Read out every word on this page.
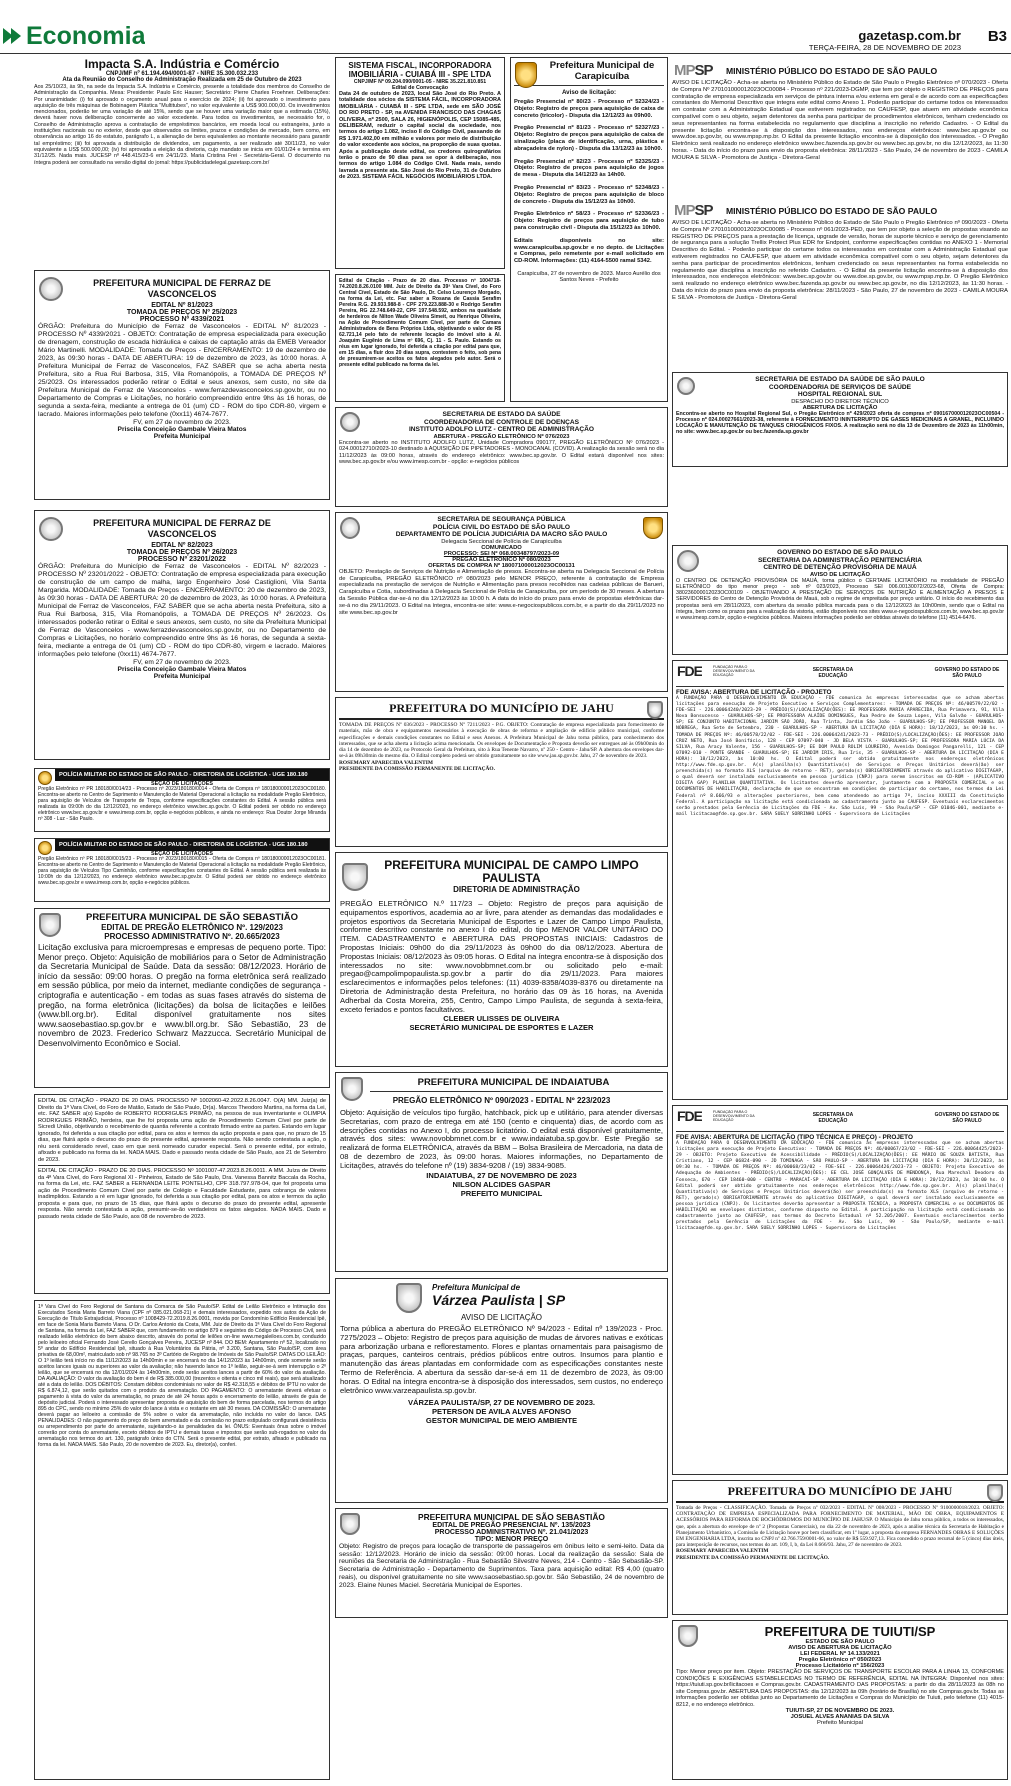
Economia	gazetasp.com.br B3
TERÇA-FEIRA, 28 DE NOVEMBRO DE 2023
Impacta S.A. Indústria e Comércio
CNPJ/MF nº 61.194.494/0001-87 - NIRE 35.300.032.233
Ata da Reunião do Conselho de Administração Realizada em 25 de Outubro de 2023
Aos 25/10/23, às 9h, na sede da Impacta S.A. Indústria e Comércio, presente a totalidade dos membros do Conselho de Administração da Companhia. Mesa: Presidente: Paulo Eric Hauser; Secretário: Pierre Charles Froehner. Deliberações: Por unanimidade: (i) foi aprovado o orçamento anual para o exercício de 2024; (ii) foi aprovado o investimento para aquisição de três máquinas de Bobinagem Plástica "Multitubes", no valor equivalente a US$ 900.000,00. Os investimentos mencionados, poderão ter uma variação de até 15%, sendo que se houver uma variação maior que a estimada (15%), deverá haver nova deliberação concernente ao valor excedente. Para todos os investimentos, se necessário for, o Conselho de Administração aprova a contratação de empréstimos bancários, em moeda local ou estrangeira, junto a instituições nacionais ou no exterior, desde que observados os limites, prazos e condições de mercado, bem como, em observância ao artigo 16 do estatuto, parágrafo L, a alienação de bens equivalentes ao montante necessário para garantir tal empréstimo; (iii) foi aprovada a distribuição de dividendos, um pagamento, a ser realizado até 30/11/23, no valor equivalente a US$ 500.000,00; (iv) foi aprovada a eleição da diretoria, cujo mandato se inicia em 01/01/24 e termina em 31/12/25. Nada mais. JUCESP nº 448.415/23-6 em 24/11/23. Maria Cristina Frei - Secretária-Geral. O documento na íntegra poderá ser consultado na versão digital do jornal: https://publicidadelegal.gazetasp.com.br/
PREFEITURA MUNICIPAL DE FERRAZ DE VASCONCELOS
EDITAL Nº 81/2023
TOMADA DE PREÇOS Nº 25/2023
PROCESSO Nº 4339/2021
ÓRGÃO: Prefeitura do Município de Ferraz de Vasconcelos - EDITAL Nº 81/2023 - PROCESSO Nº 4339/2021 - OBJETO: Contratação de empresa especializada para execução de drenagem, construção de escada hidráulica e caixas de captação atrás da EMEB Vereador Mário Martinelli. MODALIDADE: Tomada de Preços - ENCERRAMENTO: 19 de dezembro de 2023, às 09:30 horas - DATA DE ABERTURA: 19 de dezembro de 2023, às 10:00 horas. A Prefeitura Municipal de Ferraz de Vasconcelos, FAZ SABER que se acha aberta nesta Prefeitura, sito a Rua Rui Barbosa, 315, Vila Romanópolis, a TOMADA DE PREÇOS Nº 25/2023. Os interessados poderão retirar o Edital e seus anexos, sem custo, no site da Prefeitura Municipal de Ferraz de Vasconcelos - www.ferrazdevasconcelos.sp.gov.br, ou no Departamento de Compras e Licitações, no horário compreendido entre 9hs às 16 horas, de segunda a sexta-feira, mediante a entrega de 01 (um) CD - ROM do tipo CDR-80, virgem e lacrado. Maiores informações pelo telefone (0xx11) 4674-7677.
FV, em 27 de novembro de 2023.
Priscila Conceição Gambale Vieira Matos
Prefeita Municipal
PREFEITURA MUNICIPAL DE FERRAZ DE VASCONCELOS
EDITAL Nº 82/2023
TOMADA DE PREÇOS Nº 26/2023
PROCESSO Nº 23201/2022
ÓRGÃO: Prefeitura do Município de Ferraz de Vasconcelos - EDITAL Nº 82/2023 - PROCESSO Nº 23201/2022 - OBJETO: Contratação de empresa especializada para execução de construção de um campo de malha, largo Engenheiro José Castiglioni, Vila Santa Margarida. MODALIDADE: Tomada de Preços - ENCERRAMENTO: 20 de dezembro de 2023, às 09:30 horas - DATA DE ABERTURA: 20 de dezembro de 2023, às 10:00 horas. A Prefeitura Municipal de Ferraz de Vasconcelos, FAZ SABER que se acha aberta nesta Prefeitura, sito a Rua Rui Barbosa, 315, Vila Romanópolis, a TOMADA DE PREÇOS Nº 26/2023. Os interessados poderão retirar o Edital e seus anexos, sem custo, no site da Prefeitura Municipal de Ferraz de Vasconcelos - www.ferrazdevasconcelos.sp.gov.br, ou no Departamento de Compras e Licitações, no horário compreendido entre 9hs às 16 horas, de segunda a sexta-feira, mediante a entrega de 01 (um) CD - ROM do tipo CDR-80, virgem e lacrado. Maiores informações pelo telefone (0xx11) 4674-7677.
FV, em 27 de novembro de 2023.
Priscila Conceição Gambale Vieira Matos
Prefeita Municipal
POLÍCIA MILITAR DO ESTADO DE SÃO PAULO - DIRETORIA DE LOGÍSTICA - UGE 180.180
SEÇÃO DE LICITAÇÕES
Pregão Eletrônico nº PR 180180/0014/23 - Processo nº 2023/180180/0014 - Oferta de Compra nº 180180000012023OC00180. Encontra-se aberto no Centro de Suprimento e Manutenção de Material Operacional a licitação na modalidade Pregão Eletrônico, para aquisição de Veículos de Transporte de Tropa, conforme especificações constantes do Edital. A sessão pública será realizada às 09:00h do dia 12/12/2023, no endereço eletrônico www.bec.sp.gov.br. O Edital poderá ser obtido no endereço eletrônico www.bec.sp.gov.br e www.imesp.com.br, opção e-negócios públicos, e ainda no endereço: Rua Doutor Jorge Miranda nº 308 - Luz - São Paulo.
POLÍCIA MILITAR DO ESTADO DE SÃO PAULO - DIRETORIA DE LOGÍSTICA - UGE 180.180
SEÇÃO DE LICITAÇÕES
Pregão Eletrônico nº PR 180180/0015/23 - Processo nº 2023/180180/0015 - Oferta de Compra nº 180180000012023OC00181. Encontra-se aberto no Centro de Suprimento e Manutenção de Material Operacional a licitação na modalidade Pregão Eletrônico, para aquisição de Veículos Tipo Caminhão, conforme especificações constantes do Edital. A sessão pública será realizada às 10:00h do dia 12/12/2023, no endereço eletrônico www.bec.sp.gov.br. O Edital poderá ser obtido no endereço eletrônico www.bec.sp.gov.br e www.imesp.com.br, opção e-negócios públicos.
PREFEITURA MUNICIPAL DE SÃO SEBASTIÃO
EDITAL DE PREGÃO ELETRÔNICO Nº. 129/2023
PROCESSO ADMINISTRATIVO Nº. 20.665/2023
Licitação exclusiva para microempresas e empresas de pequeno porte. Tipo: Menor preço. Objeto: Aquisição de mobiliários para o Setor de Administração da Secretaria Municipal de Saúde. Data da sessão: 08/12/2023. Horário de início da sessão: 09:00 horas. O pregão na forma eletrônica será realizado em sessão pública, por meio da internet, mediante condições de segurança - criptografia e autenticação - em todas as suas fases através do sistema de pregão, na forma eletrônica (licitações) da bolsa de licitações e leilões (www.bll.org.br). Edital disponível gratuitamente nos sites www.saosebastiao.sp.gov.br e www.bll.org.br. São Sebastião, 23 de novembro de 2023. Frederico Schwarz Mazzucca. Secretário Municipal de Desenvolvimento Econômico e Social.
EDITAL DE CITAÇÃO - PRAZO DE 20 DIAS. PROCESSO Nº 1002060-42.2022.8.26.0047. O(A) MM. Juiz(a) de Direito da 1ª Vara Cível, do Foro de Matão, Estado de São Paulo, Dr(a). Marcos Theodoro Martins, na forma da Lei, etc. FAZ SABER a(o) Espólio de ROBERTO RODRIGUES PRIMÃO, na pessoa de sua inventariante e OLIMPIA RODRIGUES PRIMÃO, herdeira, que lhe foi proposta uma ação de Procedimento Comum Cível por parte de Sicredi União, objetivando o recebimento de quantia referente a contrato firmado entre as partes. Estando em lugar ignorado, foi deferida a sua citação por edital, para os atos e termos da ação proposta e para que, no prazo de 15 dias, que fluirá após o decurso do prazo do presente edital, apresente resposta. Não sendo contestada a ação, o réu será considerado revel, caso em que será nomeado curador especial. Será o presente edital, por extrato, afixado e publicado na forma da lei. NADA MAIS. Dado e passado nesta cidade de São Paulo, aos 21 de Setembro de 2023.
EDITAL DE CITAÇÃO - PRAZO DE 20 DIAS. PROCESSO Nº 1001007-47.2023.8.26.0011. A MM. Juíza de Direito da 4ª Vara Cível, do Foro Regional XI - Pinheiros, Estado de São Paulo, Dra. Vanessa Bannitz Baccala da Rocha, na forma da Lei, etc. FAZ SABER a FERNANDA LEITE PONTELHO, CPF 318.797.978-04, que foi proposta uma ação de Procedimento Comum Cível por parte de Colégio e Faculdade Estudante, para cobrança de valores inadimplidos. Estando a ré em lugar ignorado, foi deferida a sua citação por edital, para os atos e termos da ação proposta e para que, no prazo de 15 dias, que fluirá após o decurso do prazo do presente edital, apresente resposta. Não sendo contestada a ação, presumir-se-ão verdadeiros os fatos alegados. NADA MAIS. Dado e passado nesta cidade de São Paulo, aos 08 de novembro de 2023.
1ª Vara Cível do Foro Regional de Santana da Comarca de São Paulo/SP. Edital de Leilão Eletrônico e Intimação dos Executados Sonia Maria Barreto Viana (CPF nº 085.021.068-21) e demais interessados, expedido nos autos da Ação de Execução de Título Extrajudicial, Processo nº 1008429-72.2019.8.26.0001, movida por Condomínio Edifício Residencial Ipê, em face de Sonia Maria Barreto Viana. O Dr. Carlos Antonio da Costa, MM. Juiz de Direito da 1ª Vara Cível do Foro Regional de Santana, na forma da Lei, FAZ SABER que, com fundamento no artigo 879 e seguintes do Código de Processo Civil, será realizado leilão eletrônico do bem abaixo descrito, através do portal de leilões on-line www.megaleiloes.com.br, conduzido pelo leiloeiro oficial Fernando José Cerello Gonçalves Pereira, JUCESP nº 844. DO BEM: Apartamento nº 52, localizado no 5º andar do Edifício Residencial Ipê, situado à Rua Voluntários da Pátria, nº 3.200, Santana, São Paulo/SP, com área privativa de 68,00m², matriculado sob nº 98.765 no 3º Cartório de Registro de Imóveis de São Paulo/SP. DATAS DO LEILÃO: O 1º leilão terá início no dia 11/12/2023 às 14h00min e se encerrará no dia 14/12/2023 às 14h00min, onde somente serão aceitos lances iguais ou superiores ao valor da avaliação; não havendo lance no 1º leilão, seguir-se-á sem interrupção o 2º leilão, que se encerrará no dia 12/01/2024 às 14h00min, onde serão aceitos lances a partir de 60% do valor da avaliação. DA AVALIAÇÃO: O valor da avaliação do bem é de R$ 385.000,00 (trezentos e oitenta e cinco mil reais), que será atualizado até a data do leilão. DOS DÉBITOS: Constam débitos condominiais no valor de R$ 42.318,55 e débitos de IPTU no valor de R$ 6.874,12, que serão quitados com o produto da arrematação. DO PAGAMENTO: O arrematante deverá efetuar o pagamento à vista do valor da arrematação, no prazo de até 24 horas após o encerramento do leilão, através de guia de depósito judicial. Poderá o interessado apresentar proposta de aquisição do bem de forma parcelada, nos termos do artigo 895 do CPC, sendo no mínimo 25% do valor do lance à vista e o restante em até 30 meses. DA COMISSÃO: O arrematante deverá pagar ao leiloeiro a comissão de 5% sobre o valor da arrematação, não incluída no valor do lance. DAS PENALIDADES: O não pagamento do preço do bem arrematado e da comissão no prazo estipulado configurará desistência ou arrependimento por parte do arrematante, sujeitando-o às penalidades da lei. ÔNUS: Eventuais ônus sobre o imóvel correrão por conta do arrematante, exceto débitos de IPTU e demais taxas e impostos que serão sub-rogados no valor da arrematação nos termos do art. 130, parágrafo único do CTN. Será o presente edital, por extrato, afixado e publicado na forma da lei. NADA MAIS. São Paulo, 20 de novembro de 2023. Eu, diretor(a), conferi.
SISTEMA FISCAL, INCORPORADORA IMOBILIÁRIA - CUIABÁ III - SPE LTDA
CNPJ/MF Nº 09.204.090/0001-05 - NIRE 35.221.810.851
Edital de Convocação
Data 24 de outubro de 2023, local São José do Rio Preto. A totalidade dos sócios da SISTEMA FÁCIL, INCORPORADORA IMOBILIÁRIA - CUIABÁ III - SPE LTDA, sede em SÃO JOSÉ DO RIO PRETO - SP, na AVENIDA FRANCISCO DAS CHAGAS OLIVEIRA, nº 2500, SALA 26, HIGIENÓPOLIS, CEP 15085-485, DELIBERAM, reduzir o capital social da sociedade, nos termos do artigo 1.082, inciso II do Código Civil, passando de R$ 1.971.402,00 em milhão e valores por meio de distribuição do valor excedente aos sócios, na proporção de suas quotas. Após a publicação deste edital, os credores quirografários terão o prazo de 90 dias para se opor à deliberação, nos termos do artigo 1.084 do Código Civil. Nada mais, sendo lavrada a presente ata. São José do Rio Preto, 31 de Outubro de 2023. SISTEMA FÁCIL NEGÓCIOS IMOBILIÁRIOS LTDA.
Edital de Citação - Prazo de 20 dias. Processo nº 1004718-74.2020.8.26.0100 MM. Juiz de Direito da 39ª Vara Cível, do Foro Central Cível, Estado de São Paulo, Dr. Celso Lourenço Morgado, na forma da Lei, etc. Faz saber a Rosana de Cassia Serafim Pereira R.G. 29.933.988-8 - CPF 279.223.888-30 e Rodrigo Serafim Pereira, RG 22.748.649-22, CPF 197.548.592, ambos na qualidade de herdeiros de Nilton Wade Oliveira Simeit, ou Henrique Oliveira, na Ação de Procedimento Comum Cível, por parte de Camara Administradora de Bens Próprios Ltda, objetivando o valor de R$ 62.721,14 pelo fato de referente locação do imóvel sito à Al. Joaquim Eugênio de Lima nº 696, Cj. 11 - S. Paulo. Estando os réus em lugar ignorado, foi deferida a citação por edital para que, em 15 dias, a fluir dos 20 dias supra, contestem o feito, sob pena de presumirem-se aceitos os fatos alegados pelo autor. Será o presente edital publicado na forma da lei.
Prefeitura Municipal de Carapicuíba
Aviso de licitação:
Pregão Presencial nº 80/23 - Processo nº 52324/23 - Objeto: Registro de preços para aquisição de caixa de concreto (tricolor) - Disputa dia 12/12/23 às 09h00.
Pregão Presencial nº 81/23 - Processo nº 52327/23 - Objeto: Registro de preços para aquisição de caixa de sinalização (placa de identificação, urna, plástica e abraçadeira de nylon) - Disputa dia 13/12/23 às 10h00.
Pregão Presencial nº 82/23 - Processo nº 52325/23 - Objeto: Registro de preços para aquisição de jogos de mesa - Disputa dia 14/12/23 às 14h00.
Pregão Presencial nº 83/23 - Processo nº 52348/23 - Objeto: Registro de preços para aquisição de bloco de concreto - Disputa dia 15/12/23 às 10h00.
Pregão Eletrônico nº 58/23 - Processo nº 52336/23 - Objeto: Registro de preços para aquisição de tubo para construção civil - Disputa dia 15/12/23 às 10h00.
Editais disponíveis no site: www.carapicuiba.sp.gov.br e no depto. de Licitações e Compras, pelo remetente por e-mail solicitado em CD-ROM. Informações: (11) 4164-5500 ramal 5342.
Carapicuíba, 27 de novembro de 2023. Marco Aurélio dos Santos Neves - Prefeito
MPSP	MINISTÉRIO PÚBLICO DO ESTADO DE SÃO PAULO
AVISO DE LICITAÇÃO - Acha-se aberta no Ministério Público do Estado de São Paulo o Pregão Eletrônico nº 070/2023 - Oferta de Compra Nº 270101000012023OC00084 - Processo nº 221/2023-DGMP, que tem por objeto o REGISTRO DE PREÇOS para contratação de empresa especializada em serviços de pintura interna e/ou externa em geral e de acordo com as especificações constantes do Memorial Descritivo que integra este edital como Anexo 1. Poderão participar do certame todos os interessados em contratar com a Administração Estadual que estiverem registrados no CAUFESP, que atuem em atividade econômica compatível com o seu objeto, sejam detentores da senha para participar de procedimentos eletrônicos, tenham credenciado os seus representantes na forma estabelecida no regulamento que disciplina a inscrição no referido Cadastro. - O Edital da presente licitação encontra-se à disposição dos interessados, nos endereços eletrônicos: www.bec.sp.gov.br ou www.doe.sp.gov.br, ou www.mpsp.mp.br. O Edital da presente licitação encontra-se à disposição dos interessados. - O Pregão Eletrônico será realizado no endereço eletrônico www.bec.fazenda.sp.gov.br ou www.bec.sp.gov.br, no dia 12/12/2023, às 11:30 horas. - Data do início do prazo para envio da proposta eletrônica: 28/11/2023 - São Paulo, 24 de novembro de 2023 - CAMILA MOURA E SILVA - Promotora de Justiça - Diretora-Geral
MPSP	MINISTÉRIO PÚBLICO DO ESTADO DE SÃO PAULO
AVISO DE LICITAÇÃO - Acha-se aberta no Ministério Público do Estado de São Paulo o Pregão Eletrônico nº 090/2023 - Oferta de Compra Nº 270101000012023OC00085 - Processo nº 061/2023-PED, que tem por objeto a seleção de propostas visando ao REGISTRO DE PREÇOS para a prestação de licença, upgrade de versão, horas de suporte técnico e serviço de gerenciamento de segurança para a solução Trellix Protect Plus EDR for Endpoint, conforme especificações contidas no ANEXO 1 - Memorial Descritivo do Edital. - Poderão participar do certame todos os interessados em contratar com a Administração Estadual que estiverem registrados no CAUFESP, que atuem em atividade econômica compatível com o seu objeto, sejam detentores da senha para participar de procedimentos eletrônicos, tenham credenciado os seus representantes na forma estabelecida no regulamento que disciplina a inscrição no referido Cadastro. - O Edital da presente licitação encontra-se à disposição dos interessados, nos endereços eletrônicos: www.bec.sp.gov.br ou www.doe.sp.gov.br, ou www.mpsp.mp.br. O Pregão Eletrônico será realizado no endereço eletrônico www.bec.fazenda.sp.gov.br ou www.bec.sp.gov.br, no dia 12/12/2023, às 11:30 horas. - Data do início do prazo para envio da proposta eletrônica: 28/11/2023 - São Paulo, 27 de novembro de 2023 - CAMILA MOURA E SILVA - Promotora de Justiça - Diretora-Geral
SECRETARIA DE ESTADO DA SAÚDE DE SÃO PAULO
COORDENADORIA DE SERVIÇOS DE SAÚDE
HOSPITAL REGIONAL SUL
DESPACHO DO DIRETOR TÉCNICO
ABERTURA DE LICITAÇÃO
Encontra-se aberto no Hospital Regional Sul, o Pregão Eletrônico nº 429/2023 oferta de compras nº 090167000012023OC00504 - Processo nº 024.00027661/2023-38, referente à FORNECIMENTO ININTERRUPTO DE GASES MEDICINAIS A GRANEL, INCLUINDO LOCAÇÃO E MANUTENÇÃO DE TANQUES CRIOGÊNICOS FIXOS. A realização será no dia 13 de Dezembro de 2023 às 11h00min, no site: www.bec.sp.gov.br ou bec.fazenda.sp.gov.br
SECRETARIA DE ESTADO DA SAÚDE
COORDENADORIA DE CONTROLE DE DOENÇAS
INSTITUTO ADOLFO LUTZ - CENTRO DE ADMINISTRAÇÃO
ABERTURA - PREGÃO ELETRÔNICO Nº 076/2023
Encontra-se aberto no INSTITUTO ADOLFO LUTZ, Unidade Compradora 090177, PREGÃO ELETRÔNICO Nº 076/2023 - 024.00012710/2023-10 destinado à AQUISIÇÃO DE PIPETADORES - MONOCANAL (COVID). A realização da sessão será no dia 11/12/2023 às 09:00 horas, através do endereço eletrônico: www.bec.sp.gov.br. O Edital estará disponível nos sites: www.bec.sp.gov.br e/ou www.imesp.com.br - opção: e-negócios públicos
SECRETARIA DE SEGURANÇA PÚBLICA
POLÍCIA CIVIL DO ESTADO DE SÃO PAULO
DEPARTAMENTO DE POLÍCIA JUDICIÁRIA DA MACRO SÃO PAULO
Delegacia Seccional de Polícia de Carapicuíba
COMUNICADO
PROCESSO: SEI Nº 068.00348797/2023-09
PREGÃO ELETRÔNICO Nº 080/2023
OFERTAS DE COMPRA Nº 180071000012023OC00131
OBJETO: Prestação de Serviços de Nutrição e Alimentação de presos. Encontra-se aberta na Delegacia Seccional de Polícia de Carapicuíba, PREGÃO ELETRÔNICO nº 080/2023 pelo MENOR PREÇO, referente à contratação de Empresa especializada na prestação de serviços de Nutrição e Alimentação para presos recolhidos nas cadeias públicas de Barueri, Carapicuíba e Cotia, subordinadas à Delegacia Seccional de Polícia de Carapicuíba, por um período de 30 meses. A abertura da Sessão Pública dar-se-á no dia 12/12/2023 às 10:00 h. A data do início do prazo para envio de propostas eletrônicas dar-se-á no dia 29/11/2023. O Edital na íntegra, encontra-se site: www.e-negociospublicos.com.br, e a partir do dia 29/11/2023 no site www.bec.sp.gov.br
GOVERNO DO ESTADO DE SÃO PAULO
SECRETARIA DA ADMINISTRAÇÃO PENITENCIÁRIA
CENTRO DE DETENÇÃO PROVISÓRIA DE MAUÁ
AVISO DE LICITAÇÃO
O CENTRO DE DETENÇÃO PROVISÓRIA DE MAUÁ, torna público o CERTAME LICITATÓRIO na modalidade de PREGÃO ELETRÔNICO do tipo menor preço - sob nº 023/2023, Processo SEI 006.00130072/2023-68, Oferta de Compra: 380236000012023OC00109 - OBJETIVANDO A PRESTAÇÃO DE SERVIÇOS DE NUTRIÇÃO E ALIMENTAÇÃO A PRESOS E SERVIDORES do Centro de Detenção Provisória de Mauá, sob o regime de empreitada por preço unitário. O início do recebimento das propostas será em 28/11/2023, com abertura da sessão pública marcada para o dia 12/12/2023 às 10h00min, sendo que o Edital na íntegra, bem como os prazos para a realização da vistoria, estão disponíveis nos sites www.e-negociospublicos.com.br, www.bec.sp.gov.br e www.imesp.com.br, opção e-negócios públicos. Maiores informações poderão ser obtidas através do telefone (11) 4514-6476.
PREFEITURA DO MUNICÍPIO DE JAHU
TOMADA DE PREÇOS Nº 036/2023 - PROCESSO Nº 7211/2023 - P.G. OBJETO: Contratação de empresa especializada para fornecimento de materiais, mão de obra e equipamentos necessários à execução de obras de reforma e ampliação de edifício público municipal, conforme especificações e demais condições constantes no Edital e seus Anexos. A Prefeitura Municipal de Jahu torna público, para conhecimento dos interessados, que se acha aberta a licitação acima mencionada. Os envelopes de Documentação e Proposta deverão ser entregues até às 09h00min do dia 14 de dezembro de 2023, no Protocolo Geral da Prefeitura, sito à Rua Tenente Navarro, nº 250 - Centro - Jahu/SP. A abertura dos envelopes dar-se-á às 09h30min do mesmo dia. O Edital completo poderá ser obtido gratuitamente no site www.jau.sp.gov.br. Jahu, 27 de novembro de 2023.
ROSEMARY APARECIDA VALENTIM
PRESIDENTE DA COMISSÃO PERMANENTE DE LICITAÇÃO.
PREFEITURA MUNICIPAL DE CAMPO LIMPO PAULISTA
DIRETORIA DE ADMINISTRAÇÃO
PREGÃO ELETRÔNICO N.º 117/23 – Objeto: Registro de preços para aquisição de equipamentos esportivos, academia ao ar livre, para atender as demandas das modalidades e projetos esportivos da Secretaria Municipal de Esportes e Lazer de Campo Limpo Paulista, conforme descritivo constante no anexo I do edital, do tipo MENOR VALOR UNITÁRIO DO ITEM. CADASTRAMENTO e ABERTURA DAS PROPOSTAS INICIAIS: Cadastros de Propostas Iniciais: 09h00 do dia 29/11/2023 às 09h00 do dia 08/12/2023. Abertura de Propostas Iniciais: 08/12/2023 às 09:05 horas. O Edital na íntegra encontra-se à disposição dos interessados no site: www.novobbmnet.com.br ou solicitado pelo e-mail: pregao@campolimpopaulista.sp.gov.br a partir do dia 29/11/2023. Para maiores esclarecimentos e informações pelos telefones: (11) 4039-8358/4039-8376 ou diretamente na Diretoria de Administração desta Prefeitura, no horário das 09 às 16 horas, na Avenida Adherbal da Costa Moreira, 255, Centro, Campo Limpo Paulista, de segunda à sexta-feira, exceto feriados e pontos facultativos.
CLEBER ULISSES DE OLIVEIRA
SECRETÁRIO MUNICIPAL DE ESPORTES E LAZER
PREFEITURA MUNICIPAL DE INDAIATUBA
PREGÃO ELETRÔNICO Nº 090/2023 - EDITAL Nº 223/2023
Objeto: Aquisição de veículos tipo furgão, hatchback, pick up e utilitário, para atender diversas Secretarias, com prazo de entrega em até 150 (cento e cinquenta) dias, de acordo com as descrições contidas no Anexo I, do processo licitatório. O edital está disponível gratuitamente, através dos sites: www.novobbmnet.com.br e www.indaiatuba.sp.gov.br. Este Pregão se realizará de forma ELETRÔNICA, através da BBM – Bolsa Brasileira de Mercadoria, na data de 08 de dezembro de 2023, às 09:00 horas. Maiores informações, no Departamento de Licitações, através do telefone nº (19) 3834-9208 / (19) 3834-9085.
INDAIATUBA, 27 DE NOVEMBRO DE 2023
NILSON ALCIDES GASPAR
PREFEITO MUNICIPAL
Prefeitura Municipal de
Várzea Paulista | SP
AVISO DE LICITAÇÃO
Torna pública a abertura do PREGÃO ELETRÔNICO Nº 94/2023 - Edital nº 139/2023 - Proc. 7275/2023 – Objeto: Registro de preços para aquisição de mudas de árvores nativas e exóticas para arborização urbana e reflorestamento. Flores e plantas ornamentais para paisagismo de praças, parques, canteiros centrais, prédios públicos entre outros. Insumos para plantio e manutenção das áreas plantadas em conformidade com as especificações constantes neste Termo de Referência. A abertura da sessão dar-se-á em 11 de dezembro de 2023, às 09:00 horas. O Edital na íntegra encontra-se à disposição dos interessados, sem custos, no endereço eletrônico www.varzeapaulista.sp.gov.br.
VÁRZEA PAULISTA/SP, 27 DE NOVEMBRO DE 2023.
PETERSON DE AVILA ALVES AFONSO
GESTOR MUNICIPAL DE MEIO AMBIENTE
PREFEITURA MUNICIPAL DE SÃO SEBASTIÃO
EDITAL DE PREGÃO PRESENCIAL Nº. 135/2023
PROCESSO ADMINISTRATIVO Nº. 21.041/2023
TIPO: MENOR PREÇO
Objeto: Registro de preços para locação de transporte de passageiros em ônibus leito e semi-leito. Data da sessão: 12/12/2023. Horário de início da sessão: 09:00 horas. Local da realização da sessão: Sala de reuniões da Secretaria de Administração - Rua Sebastião Silvestre Neves, 214 - Centro - São Sebastião-SP. Secretaria de Administração - Departamento de Suprimentos. Taxa para aquisição edital: R$ 4,00 (quatro reais), ou disponível gratuitamente no site www.saosebastiao.sp.gov.br. São Sebastião, 24 de novembro de 2023. Elaine Nunes Maciel. Secretária Municipal de Esportes.
FDE	FUNDAÇÃO PARA O DESENVOLVIMENTO DA EDUCAÇÃO
SECRETARIA DA EDUCAÇÃO
GOVERNO DO ESTADO DE SÃO PAULO
FDE AVISA: ABERTURA DE LICITAÇÃO - PROJETO
A FUNDAÇÃO PARA O DESENVOLVIMENTO DA EDUCAÇÃO - FDE comunica às empresas interessadas que se acham abertas licitações para execução de Projeto Executivo e Serviços Complementares: - TOMADA DE PREÇOS Nº: 46/00579/22/02 - FDE-SEI - 226.00064240/2023-29 - PRÉDIO(S)/LOCALIZAÇÃO(ÕES): EE PROFESSORA MARIA APARECIDA, Rua Primavera, 91, Vila Nova Bonsucesso - GUARULHOS-SP; EE PROFESSORA ALAÍDE DOMINGUES, Rua Pedro de Souza Lopes, Vila Galvão - GUARULHOS-SP; EE CONJUNTO HABITACIONAL JARDIM SÃO JOÃO, Rua Trinta, Jardim São João - GUARULHOS-SP; EE PROFESSOR MANOEL DA NÓBREGA, Rua Sete de Setembro, 230 - GUARULHOS-SP - ABERTURA DA LICITAÇÃO (DIA E HORA): 18/12/2023, às 09:30 hs. - TOMADA DE PREÇOS Nº: 46/00578/22/02 - FDE-SEI - 226.00064241/2023-73 - PRÉDIO(S)/LOCALIZAÇÃO(ÕES): EE PROFESSOR JOÃO CRUZ NETO, Rua José Bonifácio, 128 - CEP 07097-040 - JD BELA VISTA - GUARULHOS-SP; EE PROFESSORA MARIA LÚCIA DA SILVA, Rua Aracy Valente, 156 - GUARULHOS-SP; EE DOM PAULO ROLIM LOUREIRO, Avenida Domingos Pangarelli, 121 - CEP 07092-010 - PONTE GRANDE - GUARULHOS-SP; EE JARDIM IRIS, Rua Iris, 35 - GUARULHOS-SP - ABERTURA DA LICITAÇÃO (DIA E HORA): 18/12/2023, às 10:00 hs. O Edital poderá ser obtido gratuitamente nos endereços eletrônicos http://www.fde.sp.gov.br. A(s) planilha(s) Quantitativa(s) de Serviços e Preços Unitários deverá(ão) ser preenchida(s) no formato XLS (arquivo de retorno - RET), gerado(s) OBRIGATORIAMENTE através do aplicativo DIGITAGAP, o qual deverá ser instalado exclusivamente em pessoa jurídica (CNPJ) para serem inscritos em CD-ROM - (APLICATIVO DIGITA GAP) PLANILHA QUANTITATIVA. Os licitantes deverão apresentar, juntamente com a PROPOSTA COMERCIAL e os DOCUMENTOS DE HABILITAÇÃO, declaração de que se encontram em condições de participar do certame, nos termos da Lei Federal nº 8.666/93 e alterações posteriores, bem como atendendo ao artigo 7º, inciso XXXIII da Constituição Federal. A participação na licitação está condicionada ao cadastramento junto ao CAUFESP. Eventuais esclarecimentos serão prestados pela Gerência de Licitações da FDE - Av. São Luís, 99 - São Paulo/SP - CEP 01046-001, mediante e-mail licitacao@fde.sp.gov.br. SARA SUELY SORRINHO LOPES - Supervisora de Licitações
FDE	FUNDAÇÃO PARA O DESENVOLVIMENTO DA EDUCAÇÃO
SECRETARIA DA EDUCAÇÃO
GOVERNO DO ESTADO DE SÃO PAULO
FDE AVISA: ABERTURA DE LICITAÇÃO (TIPO TÉCNICA E PREÇO) - PROJETO
A FUNDAÇÃO PARA O DESENVOLVIMENTO DA EDUCAÇÃO - FDE comunica às empresas interessadas que se acham abertas licitações para execução de Projeto Executivo: - TOMADA DE PREÇOS Nº: 46/00067/23/02 - FDE-SEI - 226.00064425/2023-29 - OBJETO: Projeto Executivo de Acessibilidade - PRÉDIO(S)/LOCALIZAÇÃO(ÕES): EE MÁRIO DE SOUZA BATISTA, Rua Cristiano, 12 - CEP 06824-090 - JD TOMINAGA - SÃO PAULO-SP - ABERTURA DA LICITAÇÃO (DIA E HORA): 20/12/2023, às 09:30 hs. - TOMADA DE PREÇOS Nº: 46/00068/23/02 - FDE-SEI - 226.00064426/2023-73 - OBJETO: Projeto Executivo de Adequação de Ambientes - PRÉDIO(S)/LOCALIZAÇÃO(ÕES): EE CEL JOSÉ GONÇALVES DE MENDONÇA, Rua Marechal Deodoro da Fonseca, 670 - CEP 18460-000 - CENTRO - MARACAÍ-SP - ABERTURA DA LICITAÇÃO (DIA E HORA): 20/12/2023, às 10:00 hs. O Edital poderá ser obtido gratuitamente nos endereços eletrônicos http://www.fde.sp.gov.br. A(s) planilha(s) Quantitativa(s) de Serviços e Preços Unitários deverá(ão) ser preenchida(s) no formato XLS (arquivo de retorno - RET), gerado(s) OBRIGATORIAMENTE através do aplicativo DIGITAGAP, o qual deverá ser instalado exclusivamente em pessoa jurídica (CNPJ). Os licitantes deverão apresentar a PROPOSTA TÉCNICA, a PROPOSTA COMERCIAL e os DOCUMENTOS DE HABILITAÇÃO em envelopes distintos, conforme disposto no Edital. A participação na licitação está condicionada ao cadastramento junto ao CAUFESP, nos termos do Decreto Estadual nº 52.205/2007. Eventuais esclarecimentos serão prestados pela Gerência de Licitações da FDE - Av. São Luís, 99 - São Paulo/SP, mediante e-mail licitacao@fde.sp.gov.br. SARA SUELY SORRINHO LOPES - Supervisora de Licitações
PREFEITURA DO MUNICÍPIO DE JAHU
Tomada de Preços - CLASSIFICAÇÃO. Tomada de Preços nº 032/2023 - EDITAL Nº 008/2023 - PROCESSO Nº 9100000018/2023. OBJETO: CONTRATAÇÃO DE EMPRESA ESPECIALIZADA PARA FORNECIMENTO DE MATERIAL, MÃO DE OBRA, EQUIPAMENTOS E ACESSÓRIOS PARA REFORMA DE BOCHÓDROMOS DO MUNICÍPIO DE JAHU/SP. O Município de Jahu torna público, a todos os interessados, que, após a abertura do envelope de nº 2 (Propostas Comerciais), no dia 22 de novembro de 2023, após a análise técnica da Secretaria de Habitação e Planejamento Urbanístico, a Comissão de Licitação houve por bem classificar, em 1º lugar, a proposta da empresa FERNANDES OBRAS E SOLUÇÕES EM ENGENHARIA LTDA, inscrita no CNPJ nº 42.766.759/0001-66, no valor de R$ 559.927,13. Fica concedido o prazo recursal de 5 (cinco) dias úteis, para interposição de recursos, nos termos do art. 109, I, b, da Lei 8.666/93. Jahu, 27 de novembro de 2023.
ROSEMARY APARECIDA VALENTIM
PRESIDENTE DA COMISSÃO PERMANENTE DE LICITAÇÃO.
PREFEITURA DE TUIUTI/SP
ESTADO DE SÃO PAULO
AVISO DE ABERTURA DE LICITAÇÃO
LEI FEDERAL Nº 14.133/2021
Pregão Eletrônico nº 050/2023
Processo Licitatório nº 156/2023
Tipo: Menor preço por item. Objeto: PRESTAÇÃO DE SERVIÇOS DE TRANSPORTE ESCOLAR PARA A LINHA 13, CONFORME CONDIÇÕES E EXIGÊNCIAS ESTABELECIDAS NO TERMO DE REFERÊNCIA, EDITAL NA ÍNTEGRA: Disponível nos sites: https://tuiuti.sp.gov.br/licitacoes e Compras.gov.br. CADASTRAMENTO DAS PROPOSTAS: a partir do dia 28/11/2023 às 08h no site Compras.gov.br. ABERTURA DAS PROPOSTAS: dia 12/12/2023 às 09h (horário de Brasília) no site Compras.gov.br. Todas as informações poderão ser obtidas junto ao Departamento de Licitações e Compras do Município de Tuiuti, pelo telefone (11) 4015-8212, e no endereço eletrônico.
TUIUTI-SP, 27 DE NOVEMBRO DE 2023.
JOSUEL ALVES ANANIAS DA SILVA
Prefeito Municipal
